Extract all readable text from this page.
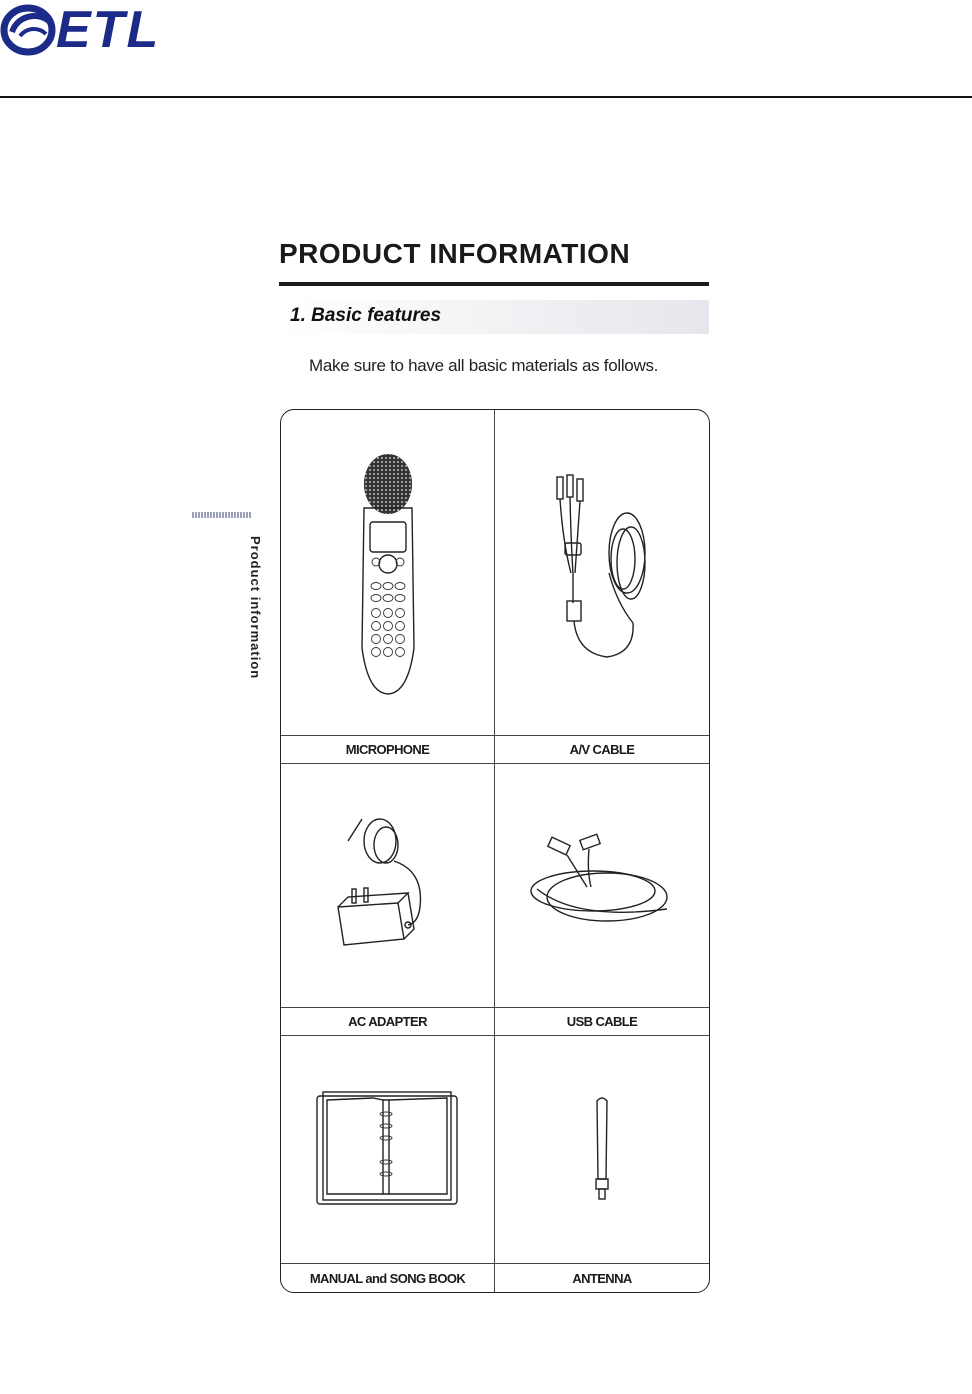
ETL
PRODUCT INFORMATION
1. Basic features
Make sure to have all basic materials as follows.
Product information
MICROPHONE	A/V CABLE
AC ADAPTER	USB CABLE
MANUAL and SONG BOOK	ANTENNA
